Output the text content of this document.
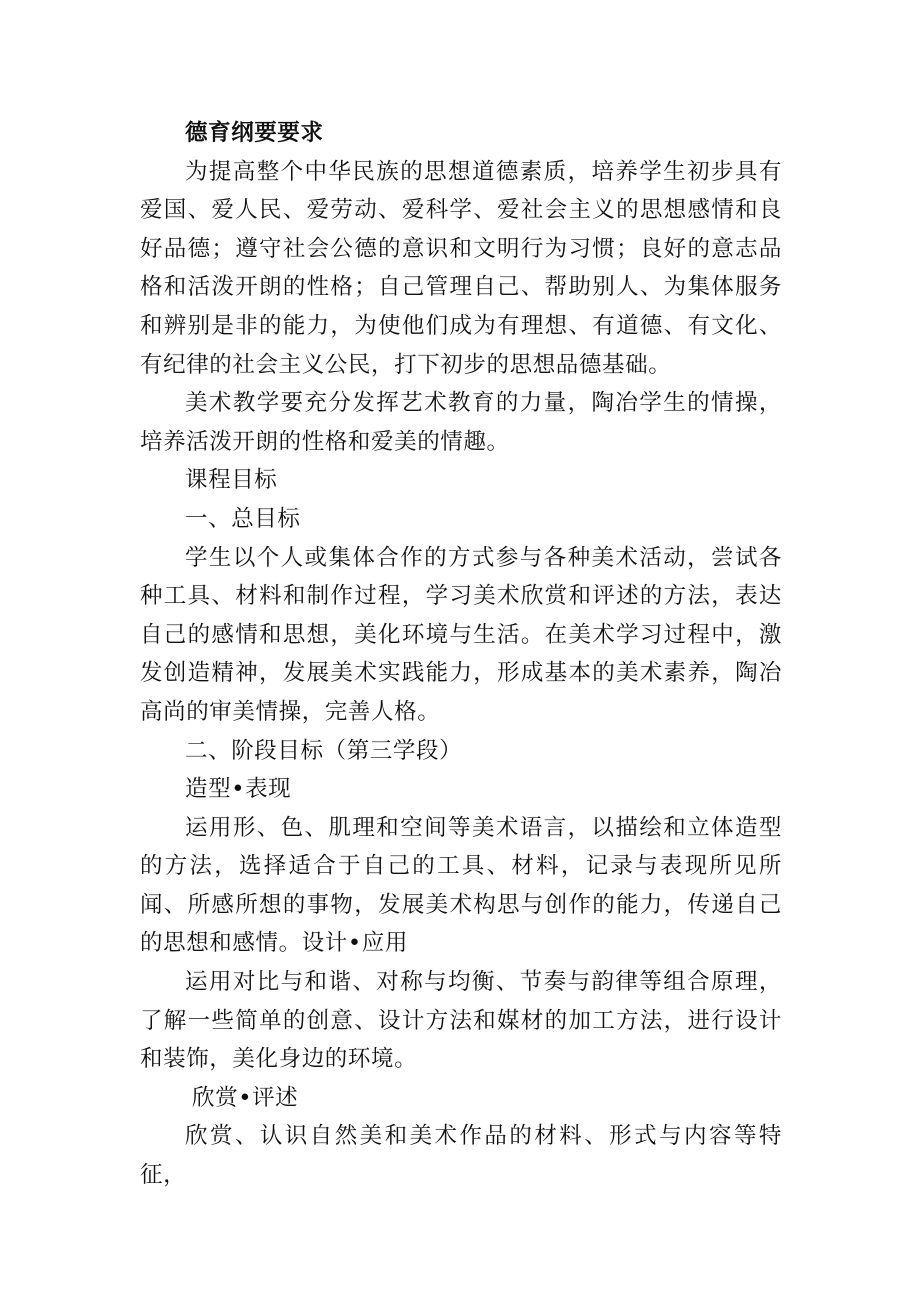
德育纲要要求

为提高整个中华民族的思想道德素质，培养学生初步具有爱国、爱人民、爱劳动、爱科学、爱社会主义的思想感情和良好品德；遵守社会公德的意识和文明行为习惯；良好的意志品格和活泼开朗的性格；自己管理自己、帮助别人、为集体服务和辨别是非的能力，为使他们成为有理想、有道德、有文化、有纪律的社会主义公民，打下初步的思想品德基础。

美术教学要充分发挥艺术教育的力量，陶冶学生的情操，培养活泼开朗的性格和爱美的情趣。

课程目标

一、总目标

学生以个人或集体合作的方式参与各种美术活动，尝试各种工具、材料和制作过程，学习美术欣赏和评述的方法，表达自己的感情和思想，美化环境与生活。在美术学习过程中，激发创造精神，发展美术实践能力，形成基本的美术素养，陶冶高尚的审美情操，完善人格。

二、阶段目标（第三学段）

造型•表现

运用形、色、肌理和空间等美术语言，以描绘和立体造型的方法，选择适合于自己的工具、材料，记录与表现所见所闻、所感所想的事物，发展美术构思与创作的能力，传递自己的思想和感情。设计•应用

运用对比与和谐、对称与均衡、节奏与韵律等组合原理，了解一些简单的创意、设计方法和媒材的加工方法，进行设计和装饰，美化身边的环境。

欣赏•评述

欣赏、认识自然美和美术作品的材料、形式与内容等特征，
